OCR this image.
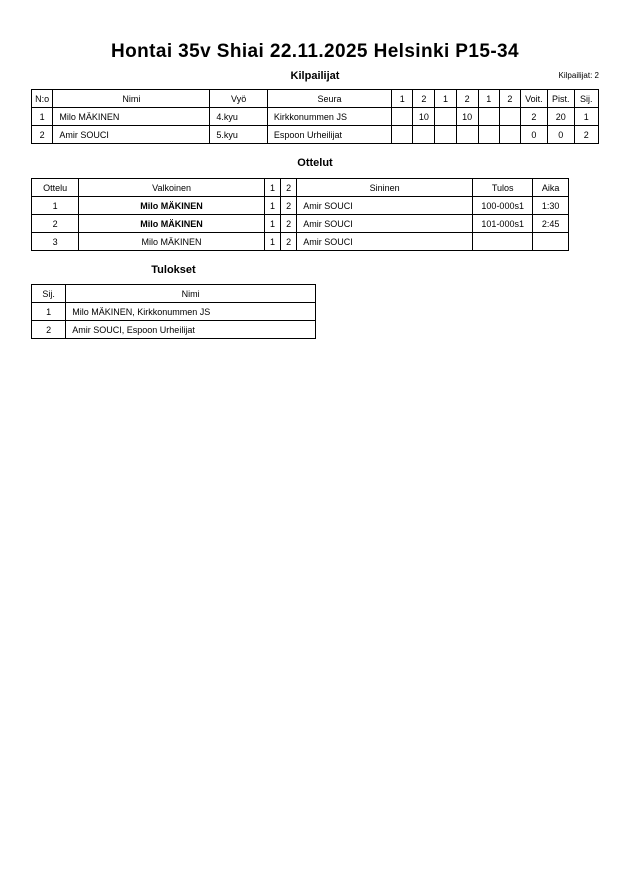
Hontai 35v Shiai 22.11.2025 Helsinki P15-34
Kilpailijat	Kilpailijat: 2
N:o	Nimi	Vyö	Seura	1	2	1	2	1	2	Voit.	Pist.	Sij.
1	Milo MÄKINEN	4.kyu	Kirkkonummen JS		10		10			2	20	1
2	Amir SOUCI	5.kyu	Espoon Urheilijat							0	0	2
Ottelut
Ottelu	Valkoinen	1	2	Sininen	Tulos	Aika
1	Milo MÄKINEN	1	2	Amir SOUCI	100-000s1	1:30
2	Milo MÄKINEN	1	2	Amir SOUCI	101-000s1	2:45
3	Milo MÄKINEN	1	2	Amir SOUCI		
Tulokset
Sij.	Nimi
1	Milo MÄKINEN, Kirkkonummen JS
2	Amir SOUCI, Espoon Urheilijat
